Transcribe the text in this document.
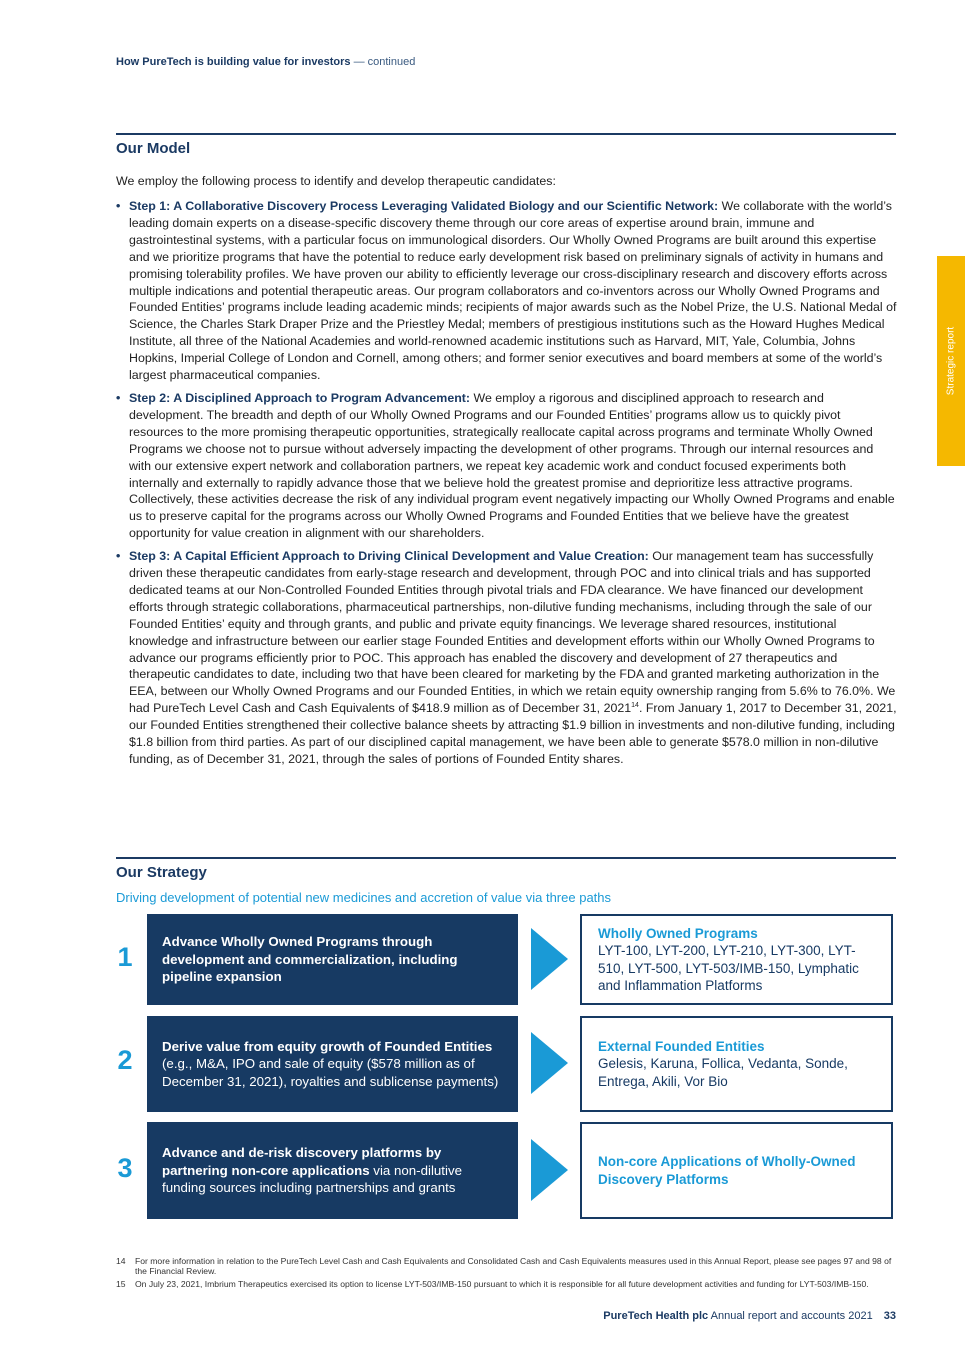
How PureTech is building value for investors — continued
Strategic report
Our Model
We employ the following process to identify and develop therapeutic candidates:
• Step 1: A Collaborative Discovery Process Leveraging Validated Biology and our Scientific Network: We collaborate with the world’s leading domain experts on a disease-specific discovery theme through our core areas of expertise around brain, immune and gastrointestinal systems, with a particular focus on immunological disorders. Our Wholly Owned Programs are built around this expertise and we prioritize programs that have the potential to reduce early development risk based on preliminary signals of activity in humans and promising tolerability profiles. We have proven our ability to efficiently leverage our cross-disciplinary research and discovery efforts across multiple indications and potential therapeutic areas. Our program collaborators and co-inventors across our Wholly Owned Programs and Founded Entities’ programs include leading academic minds; recipients of major awards such as the Nobel Prize, the U.S. National Medal of Science, the Charles Stark Draper Prize and the Priestley Medal; members of prestigious institutions such as the Howard Hughes Medical Institute, all three of the National Academies and world-renowned academic institutions such as Harvard, MIT, Yale, Columbia, Johns Hopkins, Imperial College of London and Cornell, among others; and former senior executives and board members at some of the world’s largest pharmaceutical companies.
• Step 2: A Disciplined Approach to Program Advancement: We employ a rigorous and disciplined approach to research and development. The breadth and depth of our Wholly Owned Programs and our Founded Entities’ programs allow us to quickly pivot resources to the more promising therapeutic opportunities, strategically reallocate capital across programs and terminate Wholly Owned Programs we choose not to pursue without adversely impacting the development of other programs. Through our internal resources and with our extensive expert network and collaboration partners, we repeat key academic work and conduct focused experiments both internally and externally to rapidly advance those that we believe hold the greatest promise and deprioritize less attractive programs. Collectively, these activities decrease the risk of any individual program event negatively impacting our Wholly Owned Programs and enable us to preserve capital for the programs across our Wholly Owned Programs and Founded Entities that we believe have the greatest opportunity for value creation in alignment with our shareholders.
• Step 3: A Capital Efficient Approach to Driving Clinical Development and Value Creation: Our management team has successfully driven these therapeutic candidates from early-stage research and development, through POC and into clinical trials and has supported dedicated teams at our Non-Controlled Founded Entities through pivotal trials and FDA clearance. We have financed our development efforts through strategic collaborations, pharmaceutical partnerships, non-dilutive funding mechanisms, including through the sale of our Founded Entities’ equity and through grants, and public and private equity financings. We leverage shared resources, institutional knowledge and infrastructure between our earlier stage Founded Entities and development efforts within our Wholly Owned Programs to advance our programs efficiently prior to POC. This approach has enabled the discovery and development of 27 therapeutics and therapeutic candidates to date, including two that have been cleared for marketing by the FDA and granted marketing authorization in the EEA, between our Wholly Owned Programs and our Founded Entities, in which we retain equity ownership ranging from 5.6% to 76.0%. We had PureTech Level Cash and Cash Equivalents of $418.9 million as of December 31, 2021$^{14}$. From January 1, 2017 to December 31, 2021, our Founded Entities strengthened their collective balance sheets by attracting $1.9 billion in investments and non-dilutive funding, including $1.8 billion from third parties. As part of our disciplined capital management, we have been able to generate $578.0 million in non-dilutive funding, as of December 31, 2021, through the sales of portions of Founded Entity shares.
Our Strategy
Driving development of potential new medicines and accretion of value via three paths
1
Advance Wholly Owned Programs through development and commercialization, including pipeline expansion
Wholly Owned Programs
LYT-100, LYT-200, LYT-210, LYT-300, LYT-510, LYT-500, LYT-503/IMB-150, Lymphatic and Inflammation Platforms
2 Derive value from equity growth of Founded Entities (e.g., M&A, IPO and sale of equity ($578 million as of December 31, 2021), royalties and sublicense payments)
External Founded Entities
Gelesis, Karuna, Follica, Vedanta, Sonde, Entrega, Akili, Vor Bio
3
Advance and de-risk discovery platforms by partnering non-core applications via non-dilutive funding sources including partnerships and grants
Non-core Applications of Wholly-Owned Discovery Platforms
14	For more information in relation to the PureTech Level Cash and Cash Equivalents and Consolidated Cash and Cash Equivalents measures used in this Annual Report, please see pages 97 and 98 of the Financial Review.
15	On July 23, 2021, Imbrium Therapeutics exercised its option to license LYT-503/IMB-150 pursuant to which it is responsible for all future development activities and funding for LYT-503/IMB-150.
PureTech Health plc Annual report and accounts 2021 33
